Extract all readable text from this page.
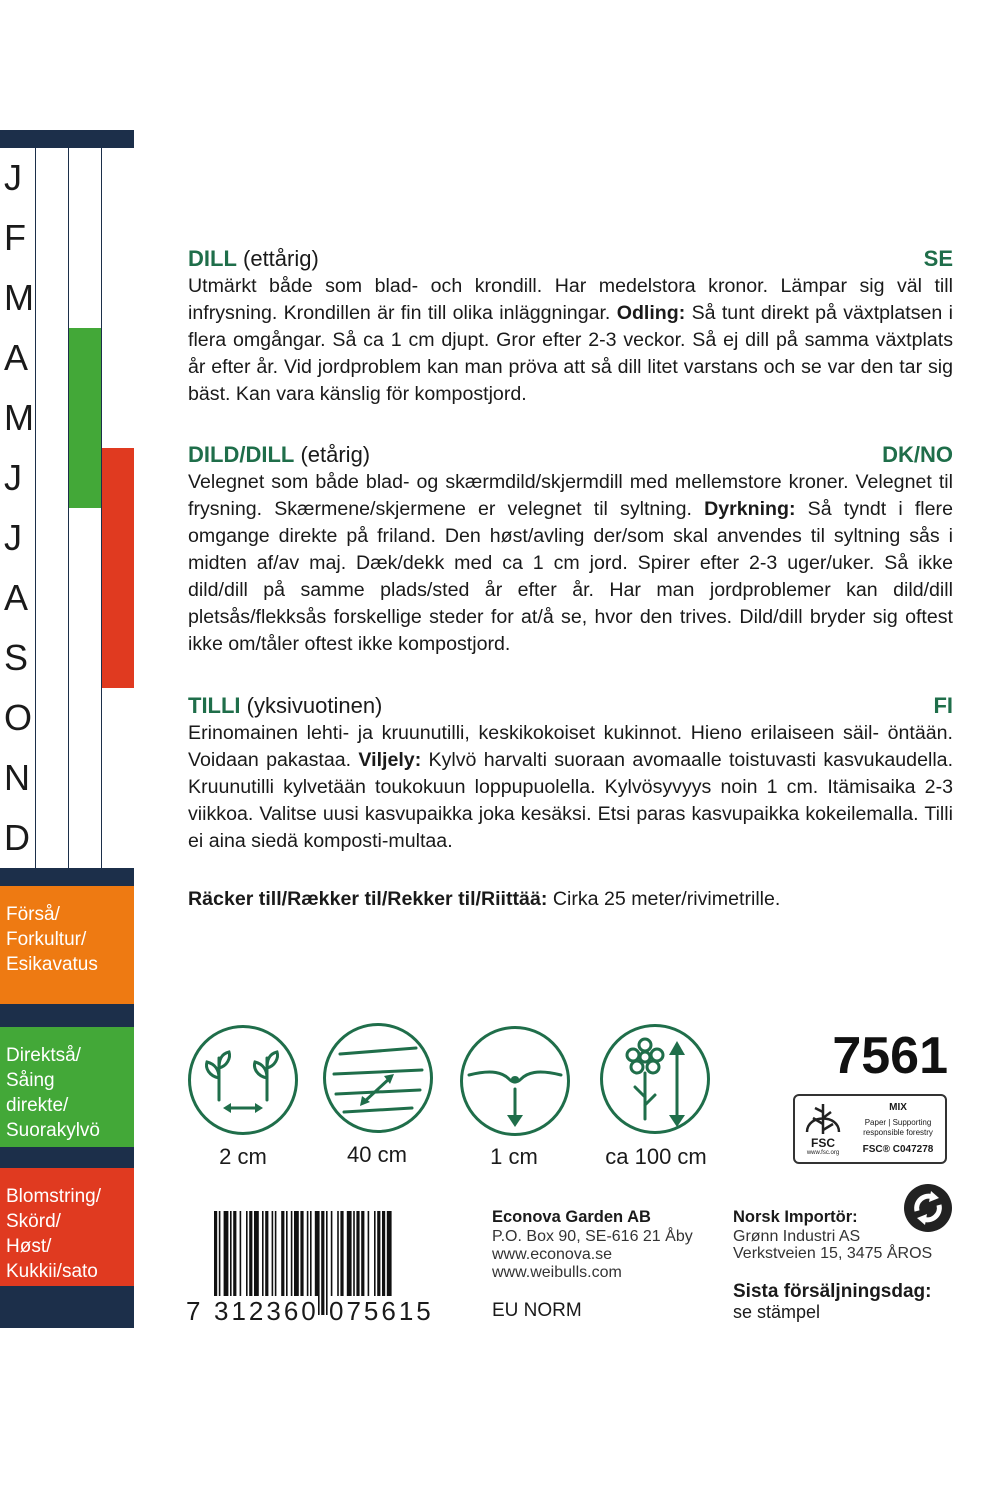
J
F
M
A
M
J
J
A
S
O
N
D
Förså/
Forkultur/
Esikavatus
Direktså/
Såing
direkte/
Suorakylvö
Blomstring/
Skörd/
Høst/
Kukkii/sato
DILL (ettårig)	SE
Utmärkt både som blad- och krondill. Har medelstora kronor. Lämpar sig väl till infrysning. Krondillen är fin till olika inläggningar. Odling: Så tunt direkt på växtplatsen i flera omgångar. Så ca 1 cm djupt. Gror efter 2-3 veckor. Så ej dill på samma växtplats år efter år. Vid jordproblem kan man pröva att så dill litet varstans och se var den tar sig bäst. Kan vara känslig för kompostjord.
DILD/DILL (etårig)	DK/NO
Velegnet som både blad- og skærmdild/skjermdill med mellemstore kroner. Velegnet til frysning. Skærmene/skjermene er velegnet til syltning. Dyrkning: Så tyndt i flere omgange direkte på friland. Den høst/avling der/som skal anvendes til syltning sås i midten af/av maj. Dæk/dekk med ca 1 cm jord. Spirer efter 2-3 uger/uker. Så ikke dild/dill på samme plads/sted år efter år. Har man jordproblemer kan dild/dill pletsås/flekksås forskellige steder for at/å se, hvor den trives. Dild/dill bryder sig oftest ikke om/tåler oftest ikke kompostjord.
TILLI (yksivuotinen)	FI
Erinomainen lehti- ja kruunutilli, keskikokoiset kukinnot. Hieno erilaiseen säil- öntään. Voidaan pakastaa. Viljely: Kylvö harvalti suoraan avomaalle toistuvasti kasvukaudella. Kruunutilli kylvetään toukokuun loppupuolella. Kylvösyvyys noin 1 cm. Itämisaika 2-3 viikkoa. Valitse uusi kasvupaikka joka kesäksi. Etsi paras kasvupaikka kokeilemalla. Tilli ei aina siedä komposti-multaa.
Räcker till/Rækker til/Rekker til/Riittää: Cirka 25 meter/rivimetrille.
2 cm	40 cm	1 cm	ca 100 cm
7561
FSC
www.fsc.org
MIX
Paper | Supporting
responsible forestry
FSC® C047278
7 312360 075615
Econova Garden AB
P.O. Box 90, SE-616 21 Åby
www.econova.se
www.weibulls.com
EU NORM
Norsk Importör:
Grønn Industri AS
Verkstveien 15, 3475 ÅROS
Sista försäljningsdag:
se stämpel
